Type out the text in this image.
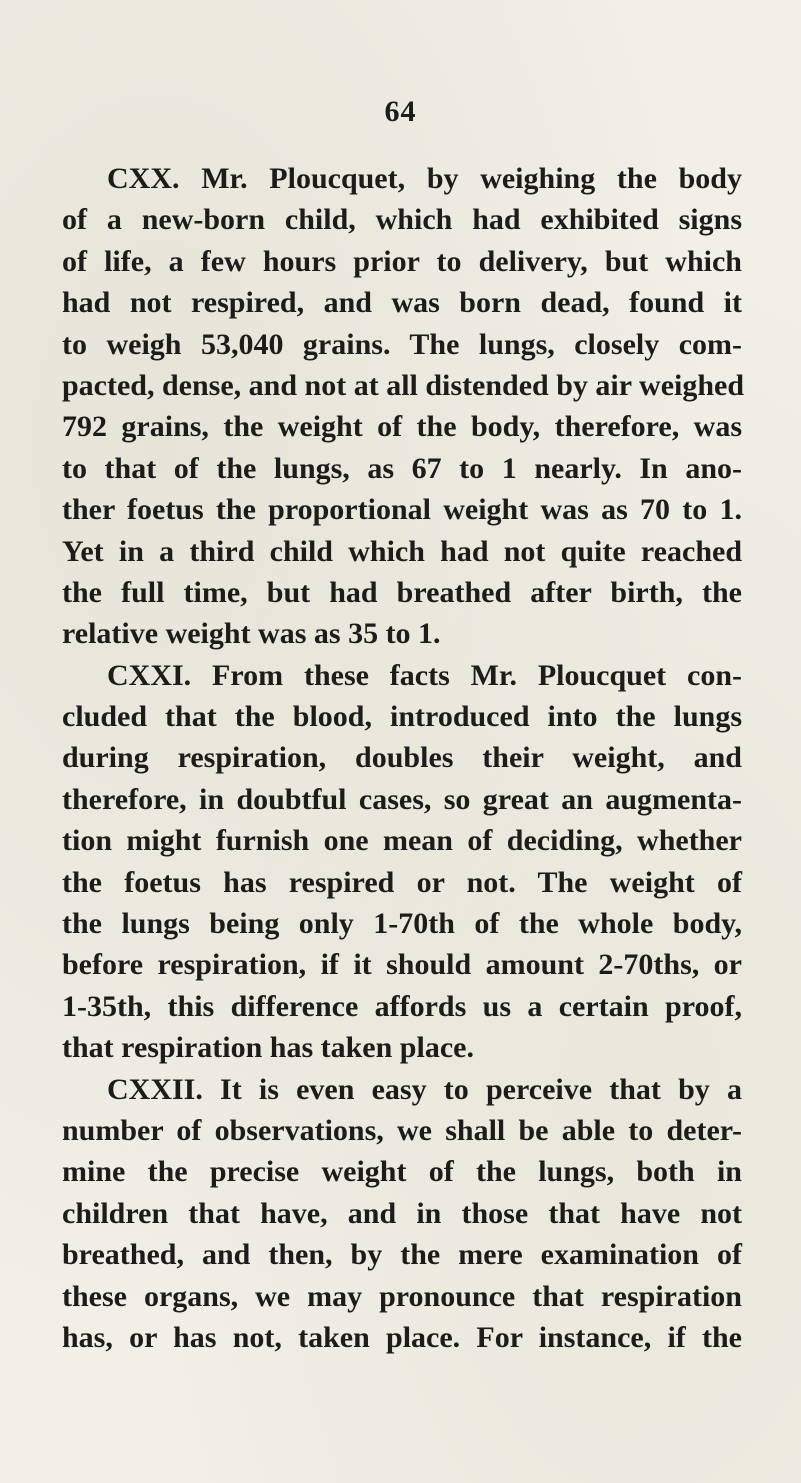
64
CXX. Mr. Ploucquet, by weighing the body
of a new-born child, which had exhibited signs
of life, a few hours prior to delivery, but which
had not respired, and was born dead, found it
to weigh 53,040 grains. The lungs, closely com-
pacted, dense, and not at all distended by air weighed
792 grains, the weight of the body, therefore, was
to that of the lungs, as 67 to 1 nearly. In ano-
ther foetus the proportional weight was as 70 to 1.
Yet in a third child which had not quite reached
the full time, but had breathed after birth, the
relative weight was as 35 to 1.
CXXI. From these facts Mr. Ploucquet con-
cluded that the blood, introduced into the lungs
during respiration, doubles their weight, and
therefore, in doubtful cases, so great an augmenta-
tion might furnish one mean of deciding, whether
the foetus has respired or not. The weight of
the lungs being only 1-70th of the whole body,
before respiration, if it should amount 2-70ths, or
1-35th, this difference affords us a certain proof,
that respiration has taken place.
CXXII. It is even easy to perceive that by a
number of observations, we shall be able to deter-
mine the precise weight of the lungs, both in
children that have, and in those that have not
breathed, and then, by the mere examination of
these organs, we may pronounce that respiration
has, or has not, taken place. For instance, if the
